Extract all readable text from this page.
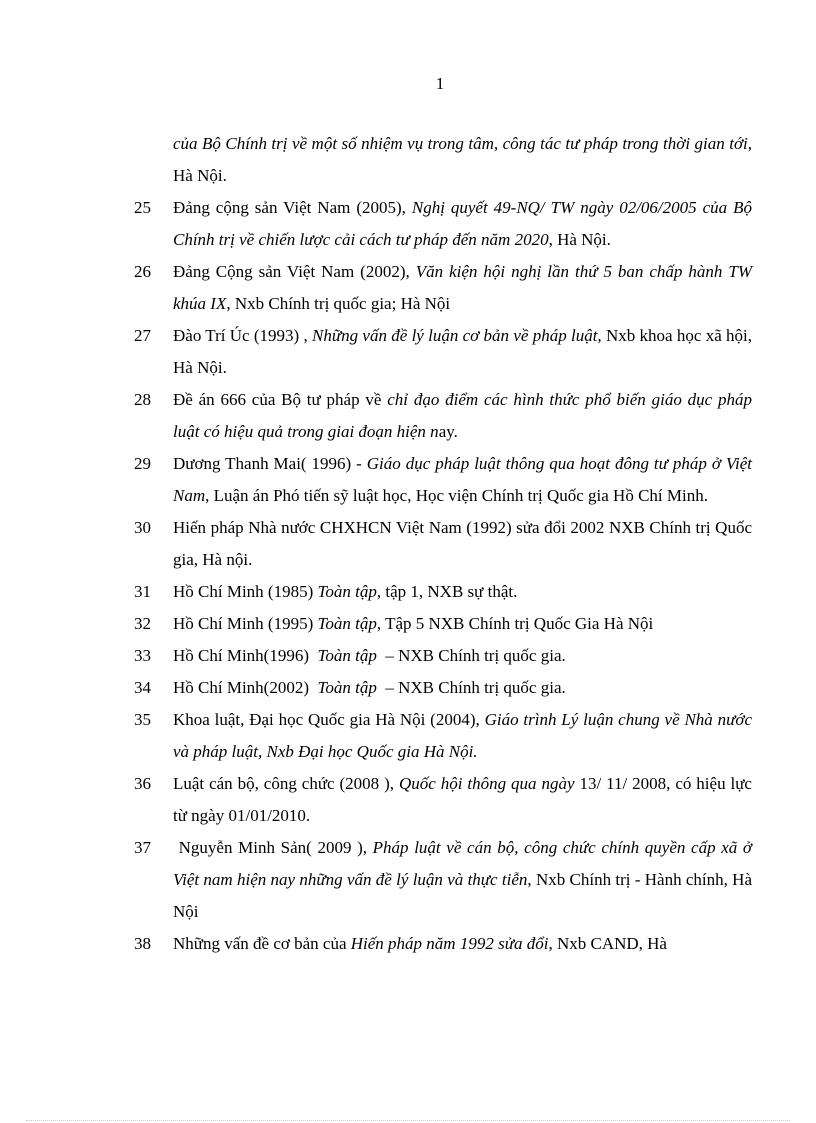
1
của Bộ Chính trị về một số nhiệm vụ trong tâm, công tác tư pháp trong thời gian tới, Hà Nội.
25	Đảng cộng sản Việt Nam (2005), Nghị quyết 49-NQ/ TW ngày 02/06/2005 của Bộ Chính trị về chiến lược cải cách tư pháp đến năm 2020, Hà Nội.
26	Đảng Cộng sản Việt Nam (2002), Văn kiện hội nghị lần thứ 5 ban chấp hành TW khúa IX, Nxb Chính trị quốc gia; Hà Nội
27	Đào Trí Úc (1993) , Những vấn đề lý luận cơ bản về pháp luật, Nxb khoa học xã hội, Hà Nội.
28	Đề án 666 của Bộ tư pháp về chỉ đạo điểm các hình thức phổ biến giáo dục pháp luật có hiệu quả trong giai đoạn hiện nay.
29	Dương Thanh Mai( 1996) - Giáo dục pháp luật thông qua hoạt đông tư pháp ở Việt Nam, Luận án Phó tiến sỹ luật học, Học viện Chính trị Quốc gia Hồ Chí Minh.
30	Hiến pháp Nhà nước CHXHCN Việt Nam (1992) sửa đổi 2002 NXB Chính trị Quốc gia, Hà nội.
31	Hồ Chí Minh (1985) Toàn tập, tập 1, NXB sự thật.
32	Hồ Chí Minh (1995) Toàn tập, Tập 5 NXB Chính trị Quốc Gia Hà Nội
33	Hồ Chí Minh(1996)  Toàn tập  – NXB Chính trị quốc gia.
34	Hồ Chí Minh(2002)  Toàn tập  – NXB Chính trị quốc gia.
35	Khoa luật, Đại học Quốc gia Hà Nội (2004), Giáo trình Lý luận chung về Nhà nước và pháp luật, Nxb Đại học Quốc gia Hà Nội.
36	Luật cán bộ, công chức (2008 ), Quốc hội thông qua ngày 13/ 11/ 2008, có hiệu lực từ ngày 01/01/2010.
37	Nguyễn Minh Sản( 2009 ), Pháp luật về cán bộ, công chức chính quyền cấp xã ở Việt nam hiện nay những vấn đề lý luận và thực tiễn, Nxb Chính trị - Hành chính, Hà Nội
38	Những vấn đề cơ bản của Hiến pháp năm 1992 sửa đổi, Nxb CAND, Hà
